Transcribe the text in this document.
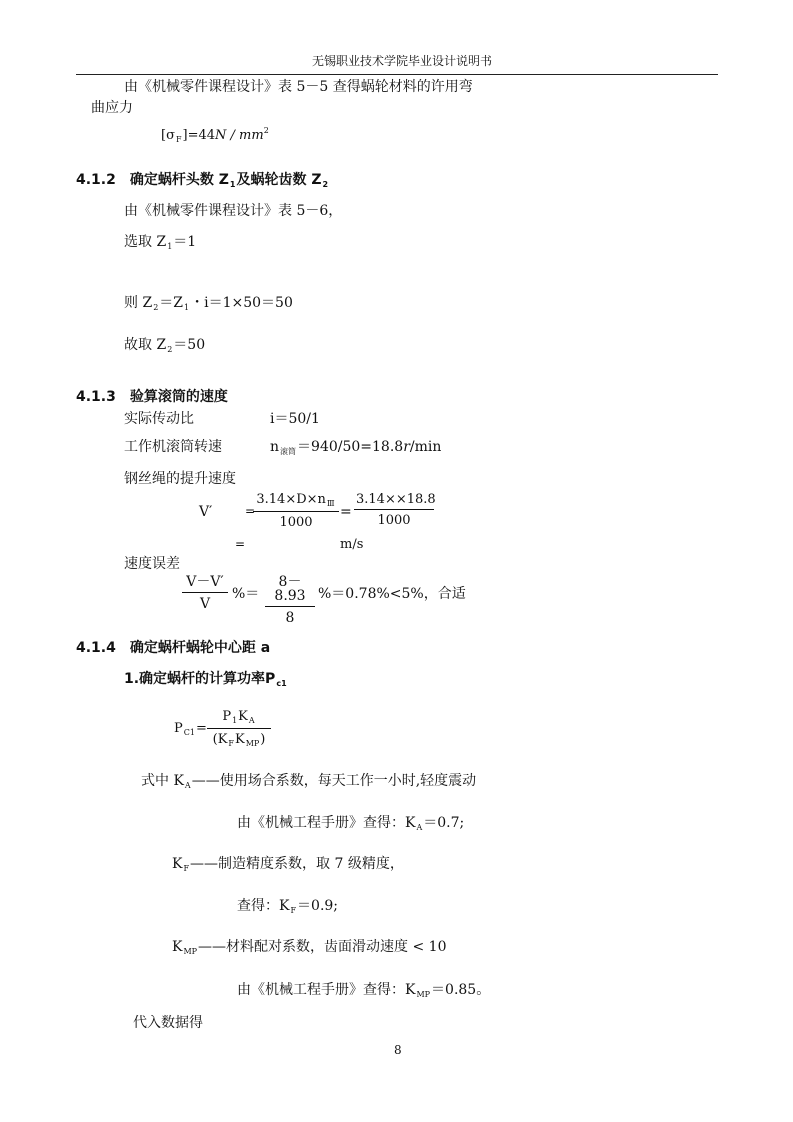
无锡职业技术学院毕业设计说明书
由《机械零件课程设计》表 5－5 查得蜗轮材料的许用弯
曲应力
$[\sigma_F]=44N / mm^2$
4.1.2　确定蜗杆头数 $Z_1$及蜗轮齿数 $Z_2$
由《机械零件课程设计》表 5－6，
选取 $Z_1=1$
则 $Z_2=Z_1$・i＝1×50＝50
故取 $Z_2=50$
4.1.3　验算滚筒的速度
实际传动比	i＝50/1
工作机滚筒转速	$n_{滚筒}=940/50=18.8r/\min$
钢丝绳的提升速度
V′	=
$3.14\times D\times n_Ⅲ$
1000
=
3.14××18.8
1000
=	m/s
速度误差
V－V′
V
%＝
8－8.93
8
%＝0.78%<5%，合适
4.1.4　确定蜗杆蜗轮中心距 a
1.确定蜗杆的计算功率$P_{c1}$
$P_{C1}=$
$P_1K_A$
$(K_FK_{MP})$
式中 $K_A——$使用场合系数，每天工作一小时,轻度震动
由《机械工程手册》查得：$K_A=0.7$;
$K_F——$制造精度系数，取 7 级精度，
查得：$K_F=0.9$;
$K_{MP}——$材料配对系数，齿面滑动速度 < 10
由《机械工程手册》查得：$K_{MP}=0.85$。
代入数据得
8
